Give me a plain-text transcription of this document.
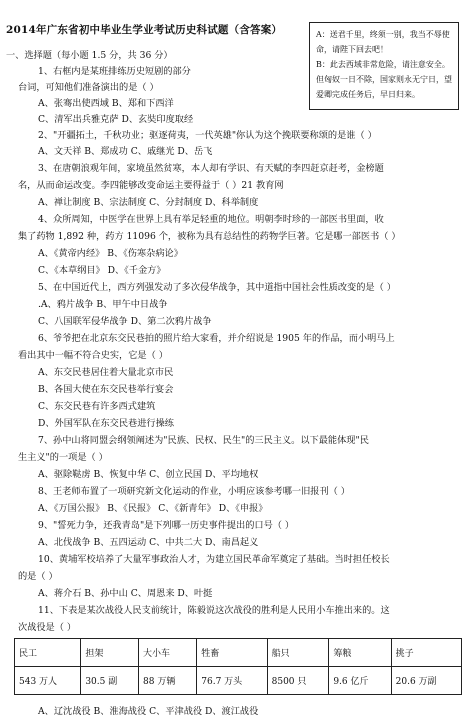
2014年广东省初中毕业生学业考试历史科试题（含答案）	A：送君千里，终须一别，我当不辱使命，请陛下回去吧！

B：此去西域非常危险，请注意安全。但匈奴一日不除，国家则永无宁日，望爱卿完成任务后，早日归来。

一、选择题（每小题 1.5 分，共 36 分）
1、右框内是某班排练历史短剧的部分
台词，可知他们准备演出的是（ ）
A、张骞出使西域 B、郑和下西洋
C、清军出兵雅克萨 D、玄奘印度取经
2、"开疆拓土，千秋功业；驱逐荷夷，一代英雄"你认为这个挽联要称颂的是谁（ ）
A、文天祥 B、郑成功 C、戚继光 D、岳飞
3、在唐朝浪观年间，家境虽然贫寒，本人却有学识、有天赋的李四赶京赶考，金榜题
名，从而命运改变。李四能够改变命运主要得益于（ ）21 教育网
A、禅让制度 B、宗法制度 C、分封制度 D、科举制度
4、众所周知，中医学在世界上具有举足轻重的地位。明朝李时珍的一部医书里面，收
集了药物 1,892 种，药方 11096 个，被称为具有总结性的药物学巨著。它是哪一部医书（ ）
A、《黄帝内经》 B、《伤寒杂病论》
C、《本草纲目》 D、《千金方》
5、在中国近代上，西方列强发动了多次侵华战争，其中道指中国社会性质改变的是（ ）
.A、鸦片战争 B、甲午中日战争
C、八国联军侵华战争 D、第二次鸦片战争
6、爷爷把在北京东交民巷拍的照片给大家看，并介绍说是 1905 年的作品，而小明马上
看出其中一幅不符合史实，它是（ ）
A、东交民巷居住着大量北京市民
B、各国大使在东交民巷举行宴会
C、东交民巷有许多西式建筑
D、外国军队在东交民巷进行操练
7、孙中山将同盟会纲领阐述为"民族、民权、民生"的三民主义。以下最能体现"民
生主义"的一项是（ ）
A、驱除鞑虏 B、恢复中华 C、创立民国 D、平均地权
8、王老师布置了一项研究新文化运动的作业，小明应该参考哪一旧报刊（ ）
A、《万国公报》 B、《民报》 C、《新青年》 D、《申报》
9、"誓死力争，还我青岛"是下列哪一历史事件提出的口号（ ）
A、北伐战争 B、五四运动 C、中共二大 D、南昌起义
10、黄埔军校培养了大量军事政治人才，为建立国民革命军奠定了基础。当时担任校长
的是（ ）
A、蒋介石 B、孙中山 C、周恩来 D、叶挺
11、下表是某次战役人民支前统计，陈毅说这次战役的胜利是人民用小车推出来的。这
次战役是（ ）
民工	担架	大小车	牲畜	船只	筹粮	挑子
543 万人	30.5 副	88 万辆	76.7 万头	8500 只	9.6 亿斤	20.6 万副
A、辽沈战役 B、淮海战役 C、平津战役 D、渡江战役
